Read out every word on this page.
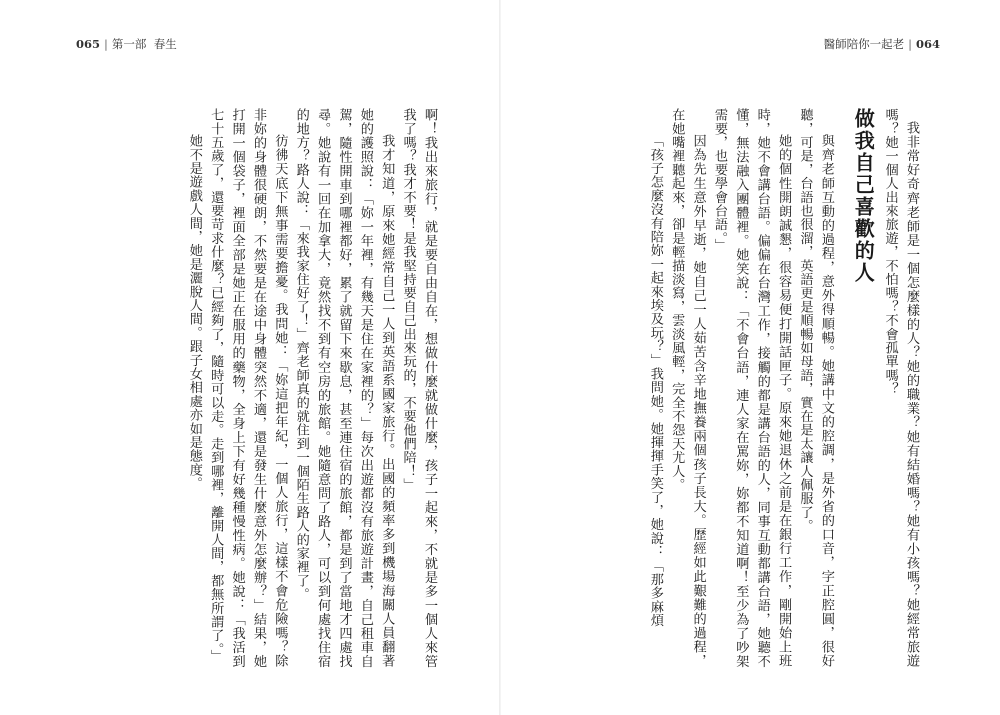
065 | 第一部 春生	醫師陪你一起老 | 064

我非常好奇齊老師是一個怎麼樣的人？她的職業？她有結婚嗎？她有小孩嗎？她經常旅遊嗎？她一個人出來旅遊，不怕嗎？不會孤單嗎？

做我自己喜歡的人

與齊老師互動的過程，意外得順暢。她講中文的腔調，是外省的口音，字正腔圓，很好聽，可是，台語也很溜，英語更是順暢如母語，實在是太讓人佩服了。

她的個性開朗誠懇，很容易便打開話匣子。原來她退休之前是在銀行工作，剛開始上班時，她不會講台語。偏偏在台灣工作，接觸的都是講台語的人，同事互動都講台語，她聽不懂，無法融入團體裡。她笑說：「不會台語，連人家在罵妳，妳都不知道啊！至少為了吵架需要，也要學會台語。」

因為先生意外早逝，她自己一人茹苦含辛地撫養兩個孩子長大。歷經如此艱難的過程，在她嘴裡聽起來，卻是輕描淡寫，雲淡風輕，完全不怨天尤人。

「孩子怎麼沒有陪妳一起來埃及玩？」我問她。她揮揮手笑了，她說：「那多麻煩

啊！我出來旅行，就是要自由自在，想做什麼就做什麼，孩子一起來，不就是多一個人來管我了嗎？我才不要！是我堅持要自己出來玩的，不要他們陪！」

我才知道，原來她經常自己一人到英語系國家旅行。出國的頻率多到機場海關人員翻著她的護照說：「妳一年裡，有幾天是住在家裡的？」每次出遊都沒有旅遊計畫，自己租車自駕，隨性開車到哪裡都好，累了就留下來歇息，甚至連住宿的旅館，都是到了當地才四處找尋。她說有一回在加拿大，竟然找不到有空房的旅館。她隨意問了路人，可以到何處找住宿的地方？路人說：「來我家住好了！」齊老師真的就住到一個陌生路人的家裡了。

彷彿天底下無事需要擔憂。我問她：「妳這把年紀，一個人旅行，這樣不會危險嗎？除非妳的身體很硬朗，不然要是在途中身體突然不適，還是發生什麼意外怎麼辦？」結果，她打開一個袋子，裡面全部是她正在服用的藥物，全身上下有好幾種慢性病。她說：「我活到七十五歲了，還要苛求什麼？已經夠了，隨時可以走。走到哪裡，離開人間，都無所謂了。」

她不是遊戲人間，她是灑脫人間。跟子女相處亦如是態度。
